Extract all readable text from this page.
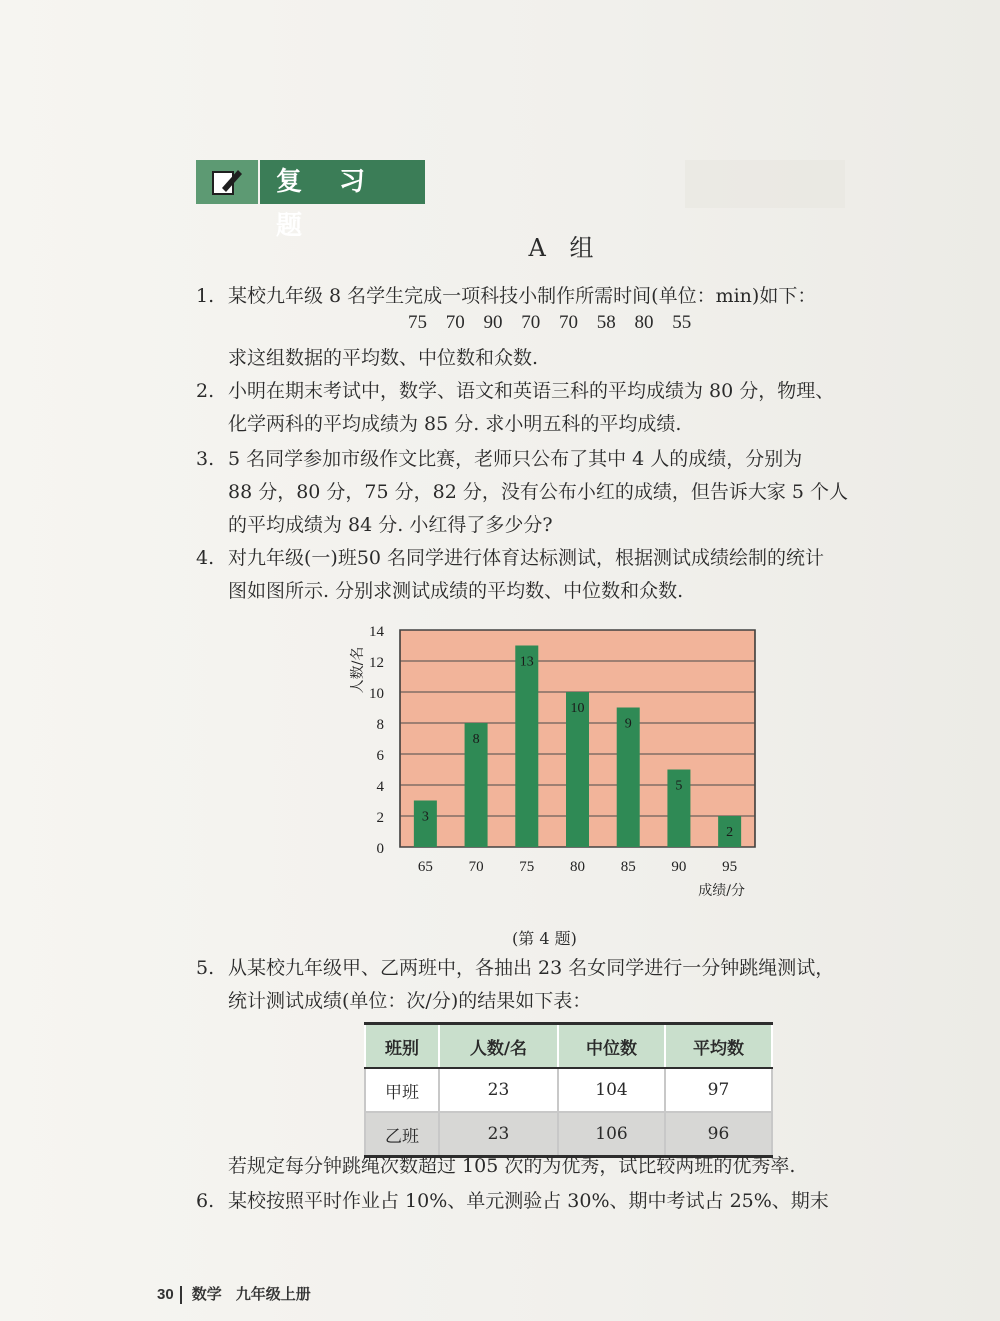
复 习 题
A 组
1. 某校九年级 8 名学生完成一项科技小制作所需时间(单位：min)如下：
75 70 90 70 70 58 80 55
求这组数据的平均数、中位数和众数.
2. 小明在期末考试中，数学、语文和英语三科的平均成绩为 80 分，物理、
化学两科的平均成绩为 85 分. 求小明五科的平均成绩.
3. 5 名同学参加市级作文比赛，老师只公布了其中 4 人的成绩，分别为
88 分，80 分，75 分，82 分，没有公布小红的成绩，但告诉大家 5 个人
的平均成绩为 84 分. 小红得了多少分?
4. 对九年级(一)班50 名同学进行体育达标测试，根据测试成绩绘制的统计
图如图所示. 分别求测试成绩的平均数、中位数和众数.
3
8
13
10
9
5
2
0
2
4
6
8
10
12
14
65 70 75 80 85 90 95
人数/名
成绩/分
(第 4 题)
5. 从某校九年级甲、乙两班中，各抽出 23 名女同学进行一分钟跳绳测试，
统计测试成绩(单位：次/分)的结果如下表：
班别	人数/名	中位数	平均数
甲班	23	104	97
乙班	23	106	96
若规定每分钟跳绳次数超过 105 次的为优秀，试比较两班的优秀率.
6. 某校按照平时作业占 10%、单元测验占 30%、期中考试占 25%、期末
30 数学 九年级上册
